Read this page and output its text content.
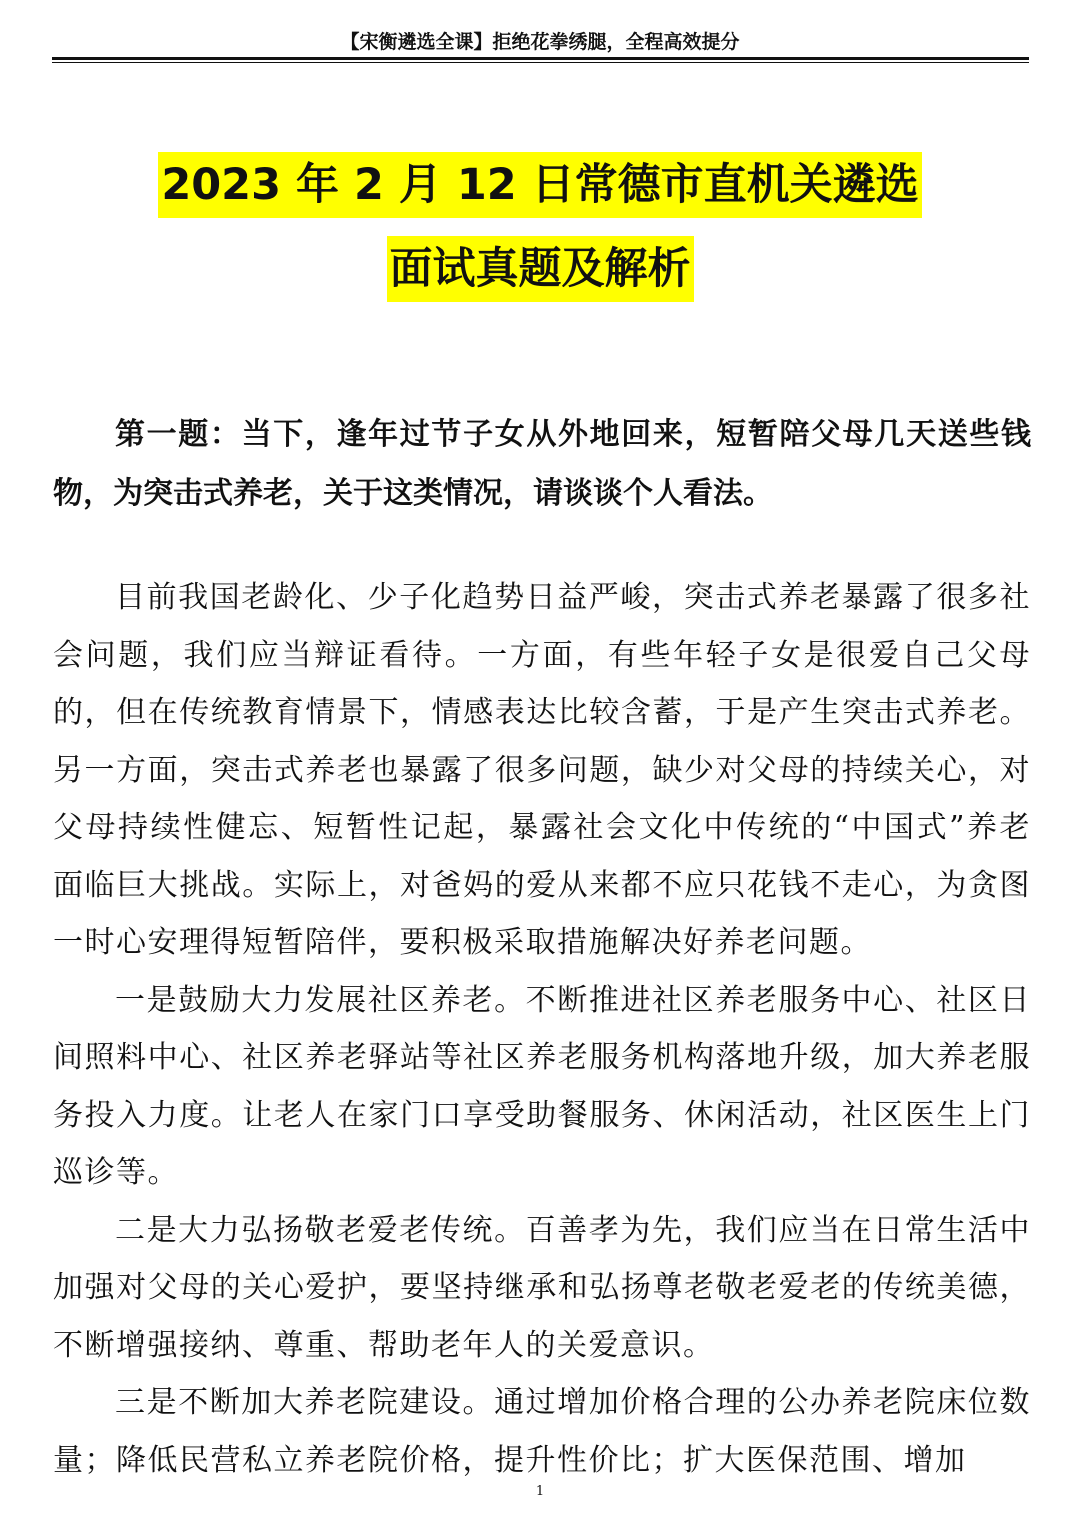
【宋衡遴选全课】拒绝花拳绣腿，全程高效提分
2023 年 2 月 12 日常德市直机关遴选
面试真题及解析

第一题：当下，逢年过节子女从外地回来，短暂陪父母几天送些钱物，为突击式养老，关于这类情况，请谈谈个人看法。

目前我国老龄化、少子化趋势日益严峻，突击式养老暴露了很多社会问题，我们应当辩证看待。一方面，有些年轻子女是很爱自己父母的，但在传统教育情景下，情感表达比较含蓄，于是产生突击式养老。另一方面，突击式养老也暴露了很多问题，缺少对父母的持续关心，对父母持续性健忘、短暂性记起，暴露社会文化中传统的“中国式”养老面临巨大挑战。实际上，对爸妈的爱从来都不应只花钱不走心，为贪图一时心安理得短暂陪伴，要积极采取措施解决好养老问题。

一是鼓励大力发展社区养老。不断推进社区养老服务中心、社区日间照料中心、社区养老驿站等社区养老服务机构落地升级，加大养老服务投入力度。让老人在家门口享受助餐服务、休闲活动，社区医生上门巡诊等。

二是大力弘扬敬老爱老传统。百善孝为先，我们应当在日常生活中加强对父母的关心爱护，要坚持继承和弘扬尊老敬老爱老的传统美德，不断增强接纳、尊重、帮助老年人的关爱意识。

三是不断加大养老院建设。通过增加价格合理的公办养老院床位数量；降低民营私立养老院价格，提升性价比；扩大医保范围、增加

1
